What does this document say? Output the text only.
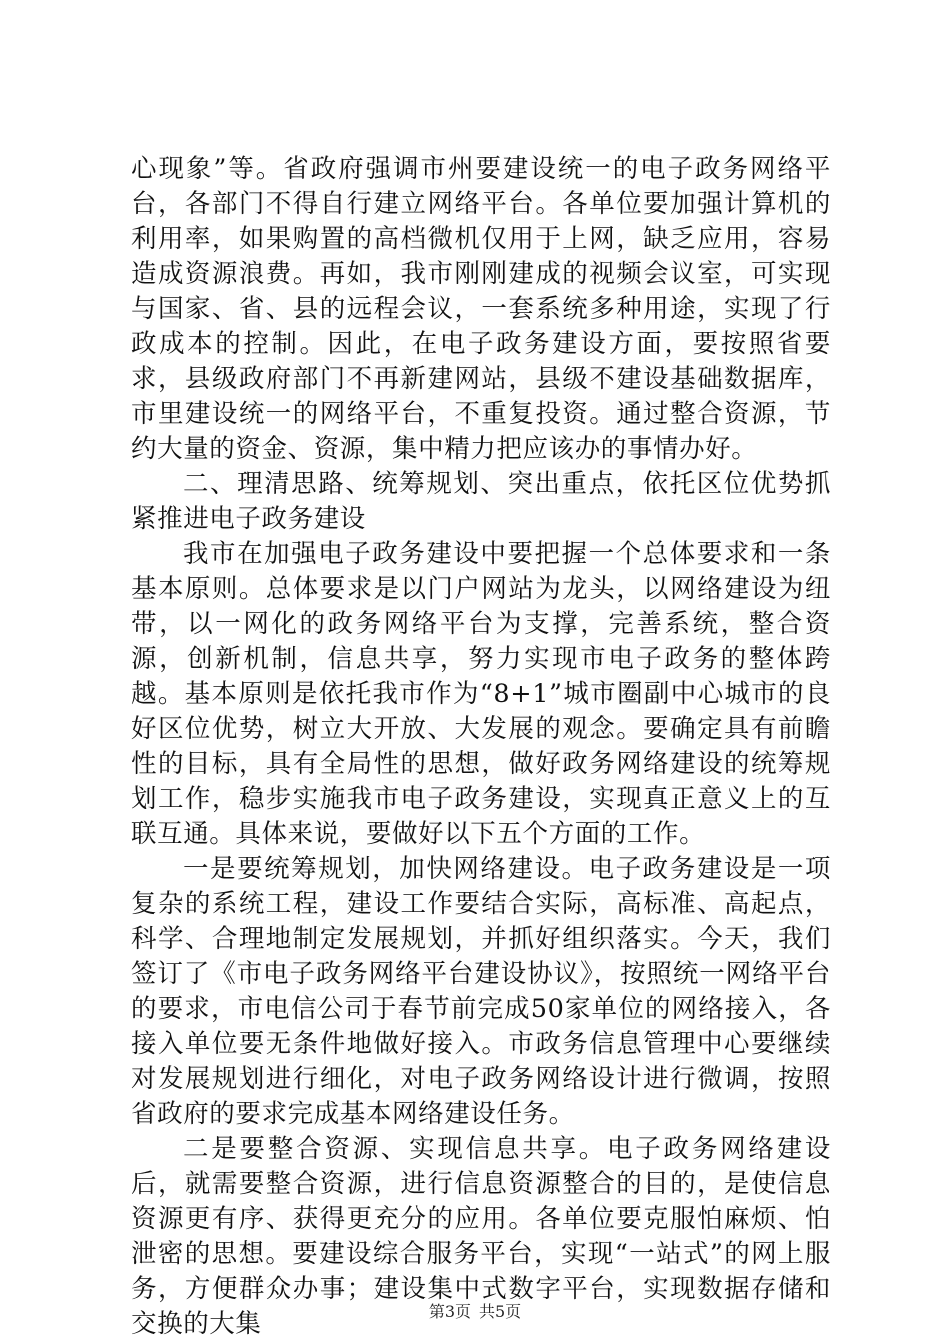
心现象”等。省政府强调市州要建设统一的电子政务网络平台，各部门不得自行建立网络平台。各单位要加强计算机的利用率，如果购置的高档微机仅用于上网，缺乏应用，容易造成资源浪费。再如，我市刚刚建成的视频会议室，可实现与国家、省、县的远程会议，一套系统多种用途，实现了行政成本的控制。因此，在电子政务建设方面，要按照省要求，县级政府部门不再新建网站，县级不建设基础数据库，市里建设统一的网络平台，不重复投资。通过整合资源，节约大量的资金、资源，集中精力把应该办的事情办好。

二、理清思路、统筹规划、突出重点，依托区位优势抓紧推进电子政务建设

我市在加强电子政务建设中要把握一个总体要求和一条基本原则。总体要求是以门户网站为龙头，以网络建设为纽带，以一网化的政务网络平台为支撑，完善系统，整合资源，创新机制，信息共享，努力实现市电子政务的整体跨越。基本原则是依托我市作为“8+1”城市圈副中心城市的良好区位优势，树立大开放、大发展的观念。要确定具有前瞻性的目标，具有全局性的思想，做好政务网络建设的统筹规划工作，稳步实施我市电子政务建设，实现真正意义上的互联互通。具体来说，要做好以下五个方面的工作。

一是要统筹规划，加快网络建设。电子政务建设是一项复杂的系统工程，建设工作要结合实际，高标准、高起点，科学、合理地制定发展规划，并抓好组织落实。今天，我们签订了《市电子政务网络平台建设协议》，按照统一网络平台的要求，市电信公司于春节前完成50家单位的网络接入，各接入单位要无条件地做好接入。市政务信息管理中心要继续对发展规划进行细化，对电子政务网络设计进行微调，按照省政府的要求完成基本网络建设任务。

二是要整合资源、实现信息共享。电子政务网络建设后，就需要整合资源，进行信息资源整合的目的，是使信息资源更有序、获得更充分的应用。各单位要克服怕麻烦、怕泄密的思想。要建设综合服务平台，实现“一站式”的网上服务，方便群众办事；建设集中式数字平台，实现数据存储和交换的大集	第3页 共5页
